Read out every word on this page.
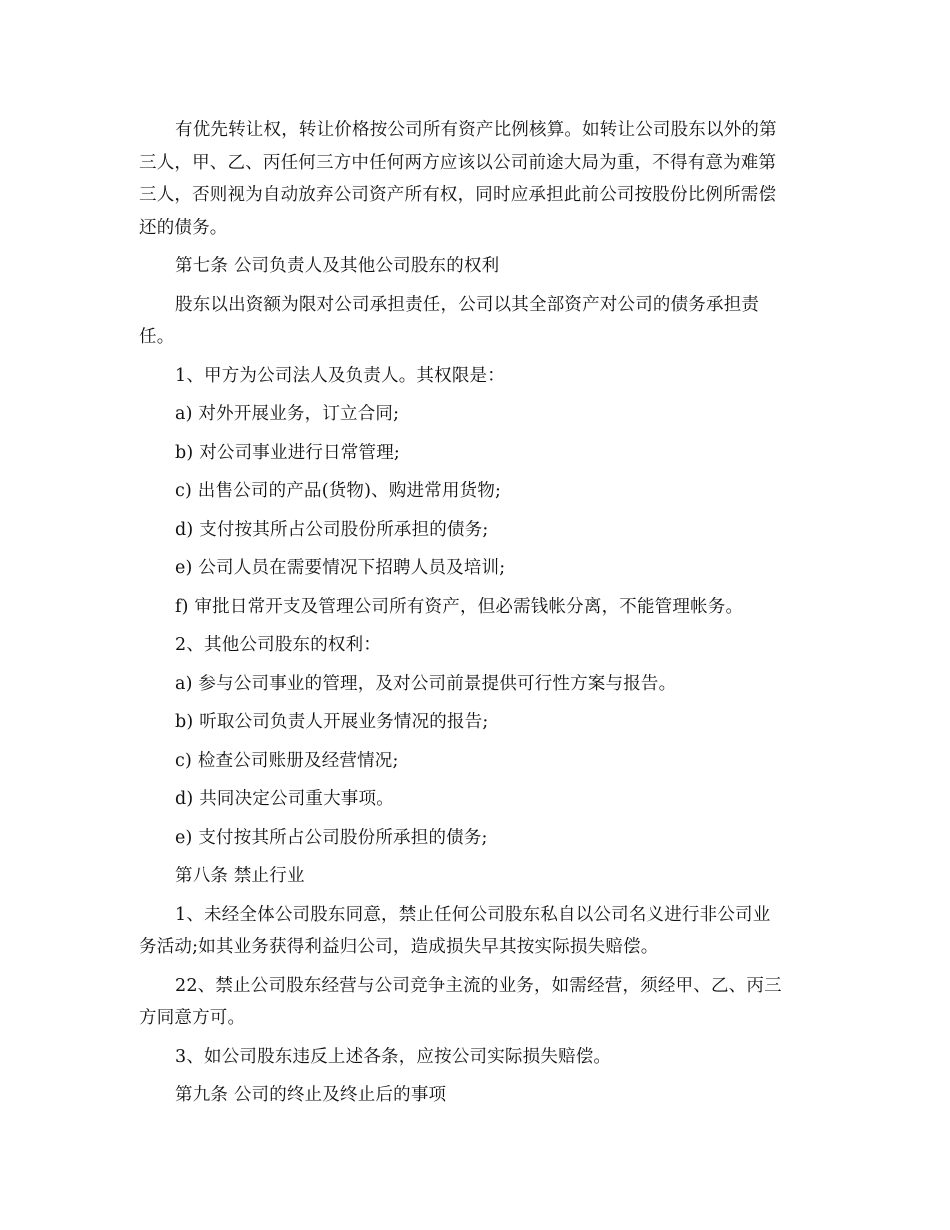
有优先转让权，转让价格按公司所有资产比例核算。如转让公司股东以外的第

三人，甲、乙、丙任何三方中任何两方应该以公司前途大局为重，不得有意为难第

三人，否则视为自动放弃公司资产所有权，同时应承担此前公司按股份比例所需偿

还的债务。

第七条 公司负责人及其他公司股东的权利

股东以出资额为限对公司承担责任，公司以其全部资产对公司的债务承担责

任。

1、甲方为公司法人及负责人。其权限是：

a) 对外开展业务，订立合同;

b) 对公司事业进行日常管理;

c) 出售公司的产品(货物)、购进常用货物;

d) 支付按其所占公司股份所承担的债务;

e) 公司人员在需要情况下招聘人员及培训;

f) 审批日常开支及管理公司所有资产，但必需钱帐分离，不能管理帐务。

2、其他公司股东的权利：

a) 参与公司事业的管理，及对公司前景提供可行性方案与报告。

b) 听取公司负责人开展业务情况的报告;

c) 检查公司账册及经营情况;

d) 共同决定公司重大事项。

e) 支付按其所占公司股份所承担的债务;

第八条 禁止行业

1、未经全体公司股东同意，禁止任何公司股东私自以公司名义进行非公司业

务活动;如其业务获得利益归公司，造成损失早其按实际损失赔偿。

22、禁止公司股东经营与公司竞争主流的业务，如需经营，须经甲、乙、丙三

方同意方可。

3、如公司股东违反上述各条，应按公司实际损失赔偿。

第九条 公司的终止及终止后的事项
